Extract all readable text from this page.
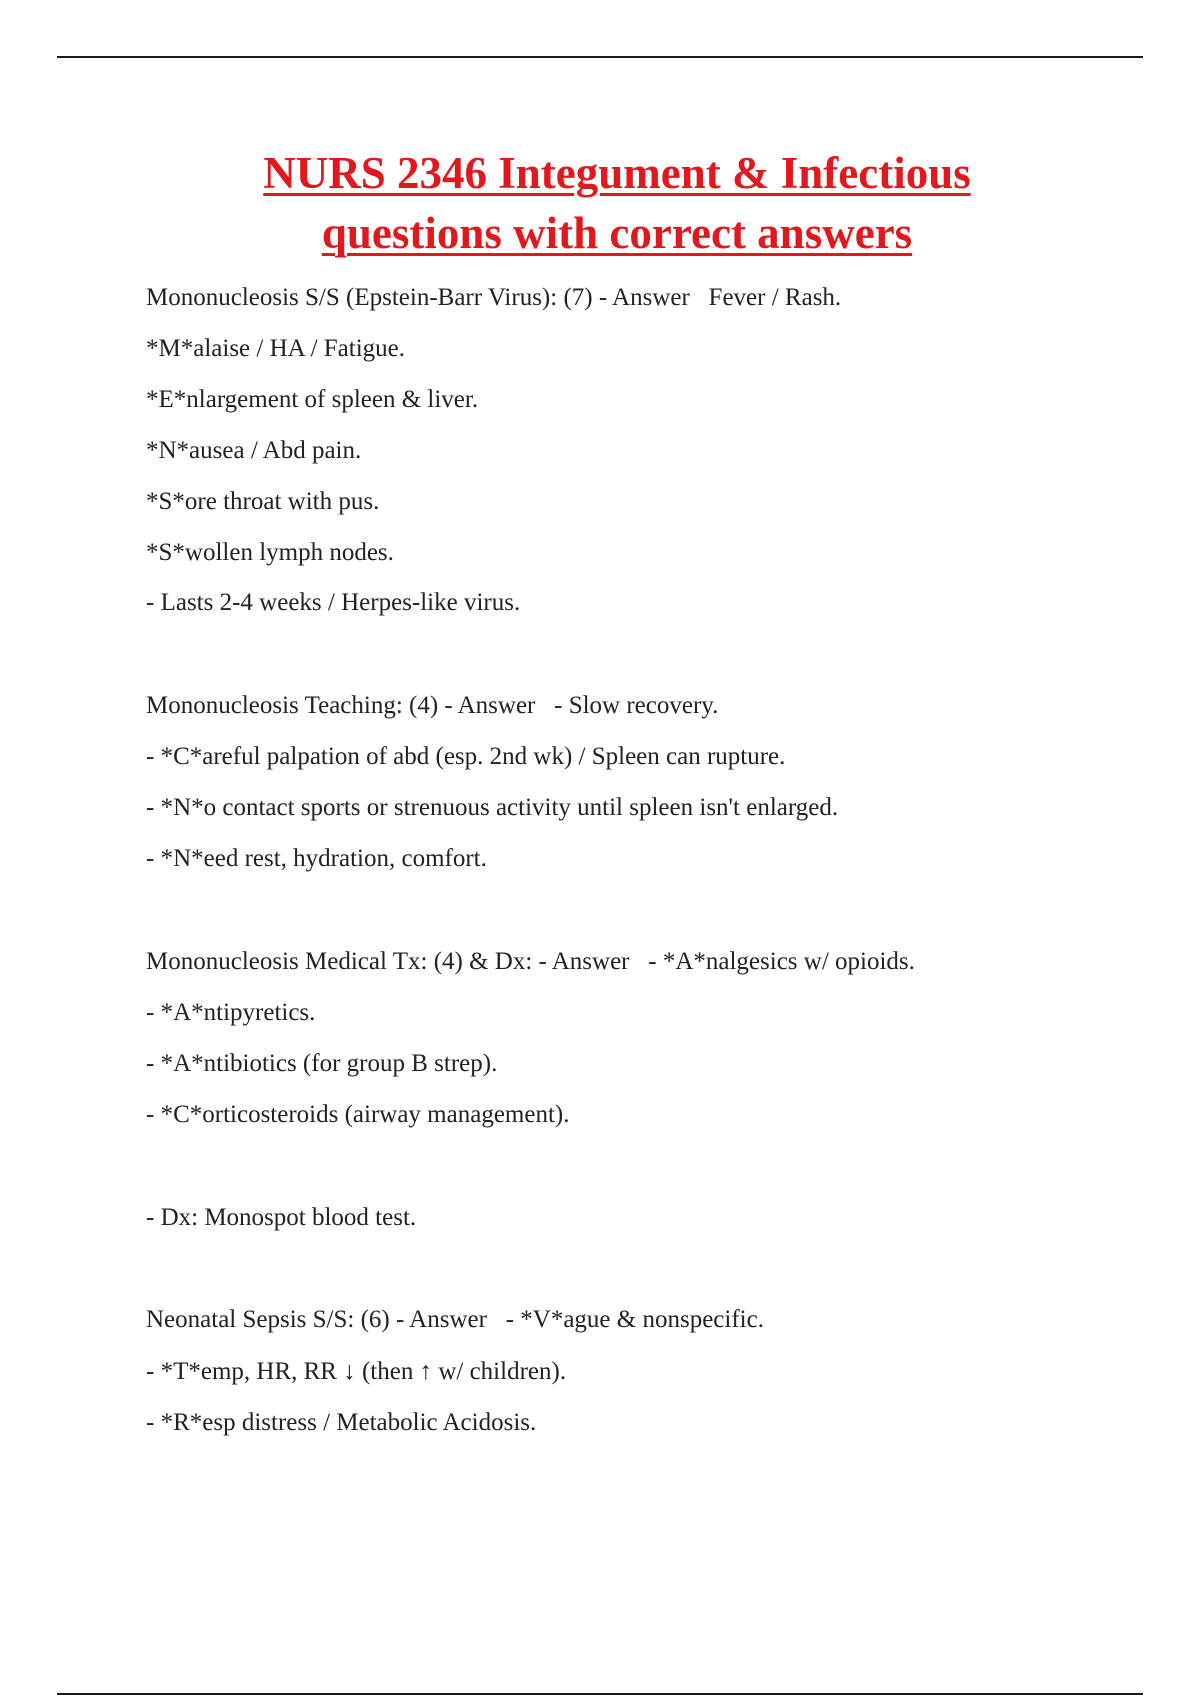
NURS 2346 Integument & Infectious
questions with correct answers
Mononucleosis S/S (Epstein-Barr Virus): (7) - Answer   Fever / Rash.
*M*alaise / HA / Fatigue.
*E*nlargement of spleen & liver.
*N*ausea / Abd pain.
*S*ore throat with pus.
*S*wollen lymph nodes.
- Lasts 2-4 weeks / Herpes-like virus.
Mononucleosis Teaching: (4) - Answer   - Slow recovery.
- *C*areful palpation of abd (esp. 2nd wk) / Spleen can rupture.
- *N*o contact sports or strenuous activity until spleen isn't enlarged.
- *N*eed rest, hydration, comfort.
Mononucleosis Medical Tx: (4) & Dx: - Answer   - *A*nalgesics w/ opioids.
- *A*ntipyretics.
- *A*ntibiotics (for group B strep).
- *C*orticosteroids (airway management).
- Dx: Monospot blood test.
Neonatal Sepsis S/S: (6) - Answer   - *V*ague & nonspecific.
- *T*emp, HR, RR ↓ (then ↑ w/ children).
- *R*esp distress / Metabolic Acidosis.
